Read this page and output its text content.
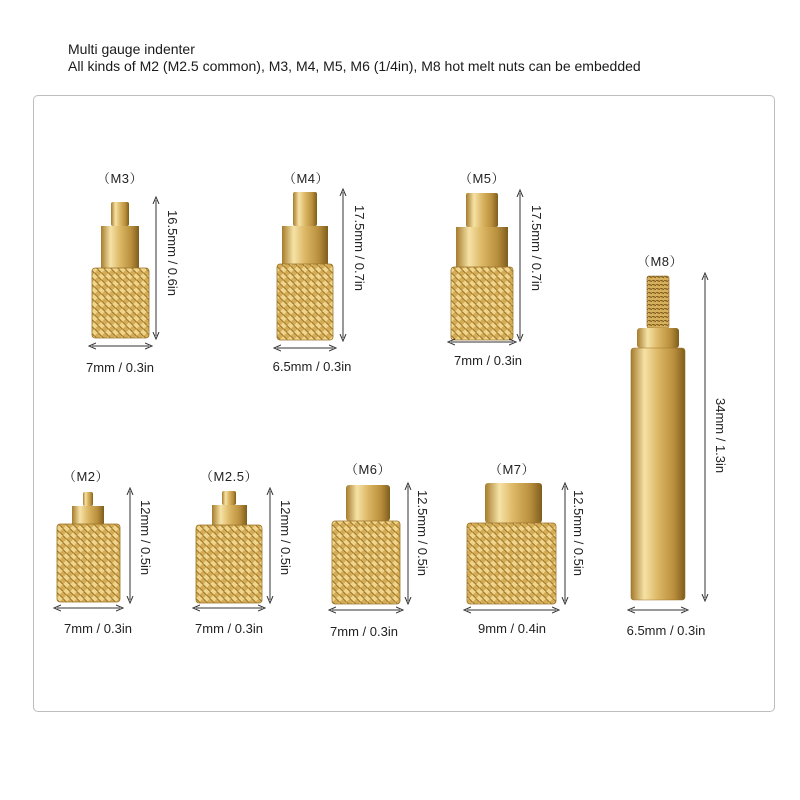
Multi gauge indenter
All kinds of M2 (M2.5 common), M3, M4, M5, M6 (1/4in), M8 hot melt nuts can be embedded
（M3）
16.5mm / 0.6in
7mm / 0.3in
（M4）
17.5mm / 0.7in
6.5mm / 0.3in
（M5）
17.5mm / 0.7in
7mm / 0.3in
（M8）
34mm / 1.3in
6.5mm / 0.3in
（M2）
12mm / 0.5in
7mm / 0.3in
（M2.5）
12mm / 0.5in
7mm / 0.3in
（M6）
12.5mm / 0.5in
7mm / 0.3in
（M7）
12.5mm / 0.5in
9mm / 0.4in
